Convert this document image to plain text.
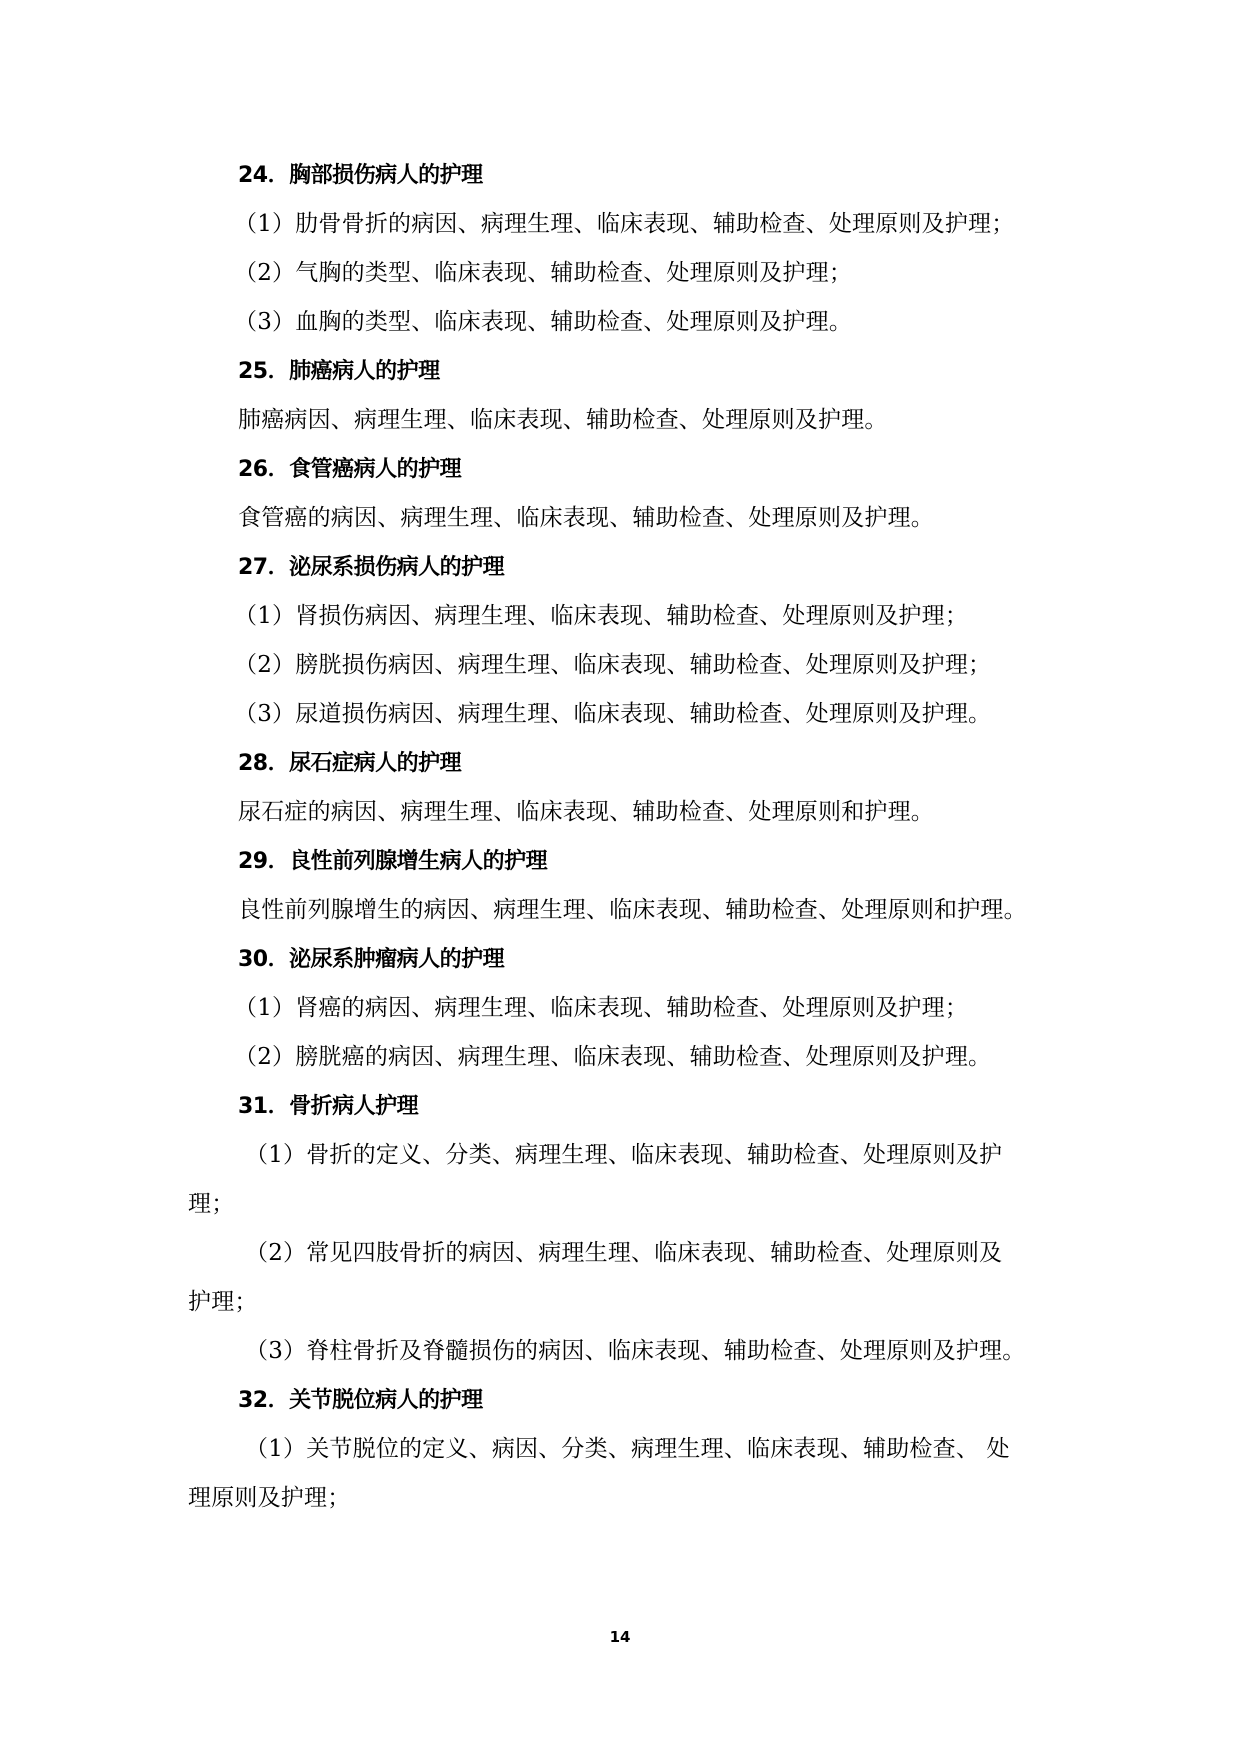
24．胸部损伤病人的护理
（1）肋骨骨折的病因、病理生理、临床表现、辅助检查、处理原则及护理；
（2）气胸的类型、临床表现、辅助检查、处理原则及护理；
（3）血胸的类型、临床表现、辅助检查、处理原则及护理。
25．肺癌病人的护理
肺癌病因、病理生理、临床表现、辅助检查、处理原则及护理。
26．食管癌病人的护理
食管癌的病因、病理生理、临床表现、辅助检查、处理原则及护理。
27．泌尿系损伤病人的护理
（1）肾损伤病因、病理生理、临床表现、辅助检查、处理原则及护理；
（2）膀胱损伤病因、病理生理、临床表现、辅助检查、处理原则及护理；
（3）尿道损伤病因、病理生理、临床表现、辅助检查、处理原则及护理。
28．尿石症病人的护理
尿石症的病因、病理生理、临床表现、辅助检查、处理原则和护理。
29．良性前列腺增生病人的护理
良性前列腺增生的病因、病理生理、临床表现、辅助检查、处理原则和护理。
30．泌尿系肿瘤病人的护理
（1）肾癌的病因、病理生理、临床表现、辅助检查、处理原则及护理；
（2）膀胱癌的病因、病理生理、临床表现、辅助检查、处理原则及护理。
31．骨折病人护理
（1）骨折的定义、分类、病理生理、临床表现、辅助检查、处理原则及护
理；
（2）常见四肢骨折的病因、病理生理、临床表现、辅助检查、处理原则及
护理；
（3）脊柱骨折及脊髓损伤的病因、临床表现、辅助检查、处理原则及护理。
32．关节脱位病人的护理
（1）关节脱位的定义、病因、分类、病理生理、临床表现、辅助检查、 处
理原则及护理；
14
